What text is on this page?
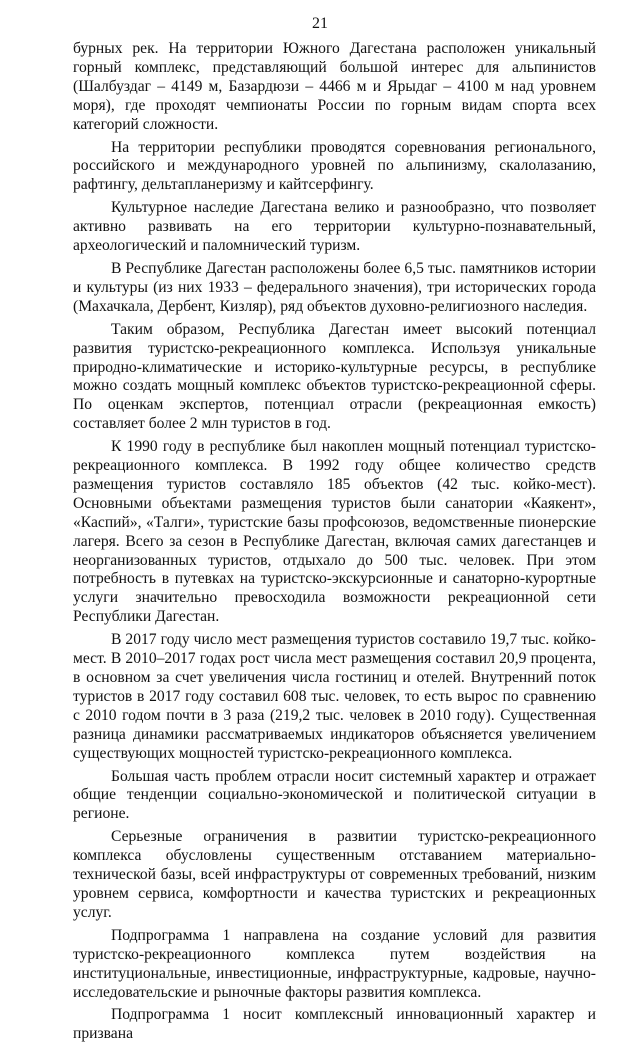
21

бурных рек. На территории Южного Дагестана расположен уникальный горный комплекс, представляющий большой интерес для альпинистов (Шалбуздаг – 4149 м, Базардюзи – 4466 м и Ярыдаг – 4100 м над уровнем моря), где проходят чемпионаты России по горным видам спорта всех категорий сложности.

На территории республики проводятся соревнования регионального, российского и международного уровней по альпинизму, скалолазанию, рафтингу, дельтапланеризму и кайтсерфингу.

Культурное наследие Дагестана велико и разнообразно, что позволяет активно развивать на его территории культурно-познавательный, археологический и паломнический туризм.

В Республике Дагестан расположены более 6,5 тыс. памятников истории и культуры (из них 1933 – федерального значения), три исторических города (Махачкала, Дербент, Кизляр), ряд объектов духовно-религиозного наследия.

Таким образом, Республика Дагестан имеет высокий потенциал развития туристско-рекреационного комплекса. Используя уникальные природно-климатические и историко-культурные ресурсы, в республике можно создать мощный комплекс объектов туристско-рекреационной сферы. По оценкам экспертов, потенциал отрасли (рекреационная емкость) составляет более 2 млн туристов в год.

К 1990 году в республике был накоплен мощный потенциал туристско-рекреационного комплекса. В 1992 году общее количество средств размещения туристов составляло 185 объектов (42 тыс. койко-мест). Основными объектами размещения туристов были санатории «Каякент», «Каспий», «Талги», туристские базы профсоюзов, ведомственные пионерские лагеря. Всего за сезон в Республике Дагестан, включая самих дагестанцев и неорганизованных туристов, отдыхало до 500 тыс. человек. При этом потребность в путевках на туристско-экскурсионные и санаторно-курортные услуги значительно превосходила возможности рекреационной сети Республики Дагестан.

В 2017 году число мест размещения туристов составило 19,7 тыс. койко-мест. В 2010–2017 годах рост числа мест размещения составил 20,9 процента, в основном за счет увеличения числа гостиниц и отелей. Внутренний поток туристов в 2017 году составил 608 тыс. человек, то есть вырос по сравнению с 2010 годом почти в 3 раза (219,2 тыс. человек в 2010 году). Существенная разница динамики рассматриваемых индикаторов объясняется увеличением существующих мощностей туристско-рекреационного комплекса.

Большая часть проблем отрасли носит системный характер и отражает общие тенденции социально-экономической и политической ситуации в регионе.

Серьезные ограничения в развитии туристско-рекреационного комплекса обусловлены существенным отставанием материально-технической базы, всей инфраструктуры от современных требований, низким уровнем сервиса, комфортности и качества туристских и рекреационных услуг.

Подпрограмма 1 направлена на создание условий для развития туристско-рекреационного комплекса путем воздействия на институциональные, инвестиционные, инфраструктурные, кадровые, научно-исследовательские и рыночные факторы развития комплекса.

Подпрограмма 1 носит комплексный инновационный характер и призвана
